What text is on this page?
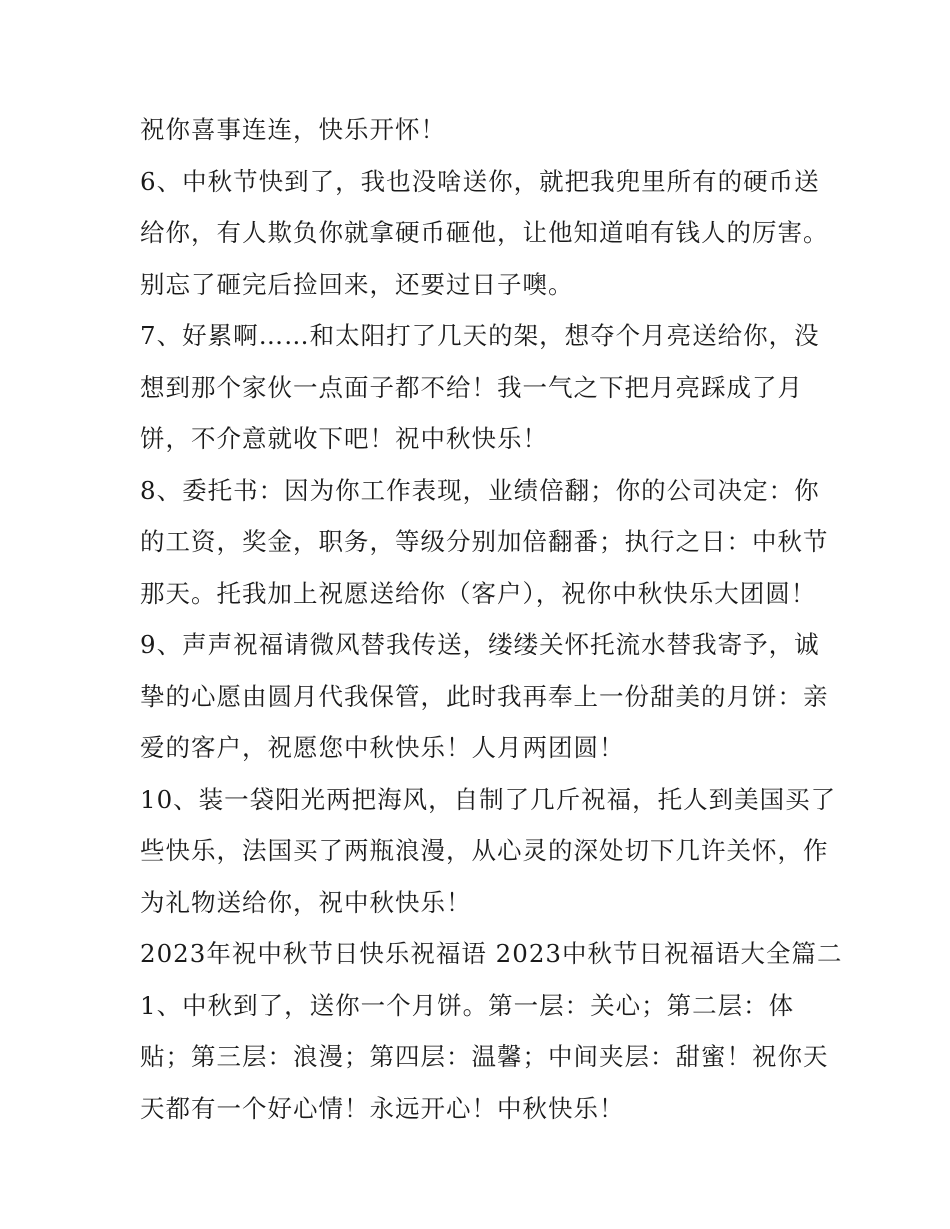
祝你喜事连连，快乐开怀！
6、中秋节快到了，我也没啥送你，就把我兜里所有的硬币送
给你，有人欺负你就拿硬币砸他，让他知道咱有钱人的厉害。
别忘了砸完后捡回来，还要过日子噢。
7、好累啊……和太阳打了几天的架，想夺个月亮送给你，没
想到那个家伙一点面子都不给！我一气之下把月亮踩成了月
饼，不介意就收下吧！祝中秋快乐！
8、委托书：因为你工作表现，业绩倍翻；你的公司决定：你
的工资，奖金，职务，等级分别加倍翻番；执行之日：中秋节
那天。托我加上祝愿送给你（客户），祝你中秋快乐大团圆！
9、声声祝福请微风替我传送，缕缕关怀托流水替我寄予，诚
挚的心愿由圆月代我保管，此时我再奉上一份甜美的月饼：亲
爱的客户，祝愿您中秋快乐！人月两团圆！
10、装一袋阳光两把海风，自制了几斤祝福，托人到美国买了
些快乐，法国买了两瓶浪漫，从心灵的深处切下几许关怀，作
为礼物送给你，祝中秋快乐！
2023年祝中秋节日快乐祝福语 2023中秋节日祝福语大全篇二
1、中秋到了，送你一个月饼。第一层：关心；第二层：体
贴；第三层：浪漫；第四层：温馨；中间夹层：甜蜜！祝你天
天都有一个好心情！永远开心！中秋快乐！
